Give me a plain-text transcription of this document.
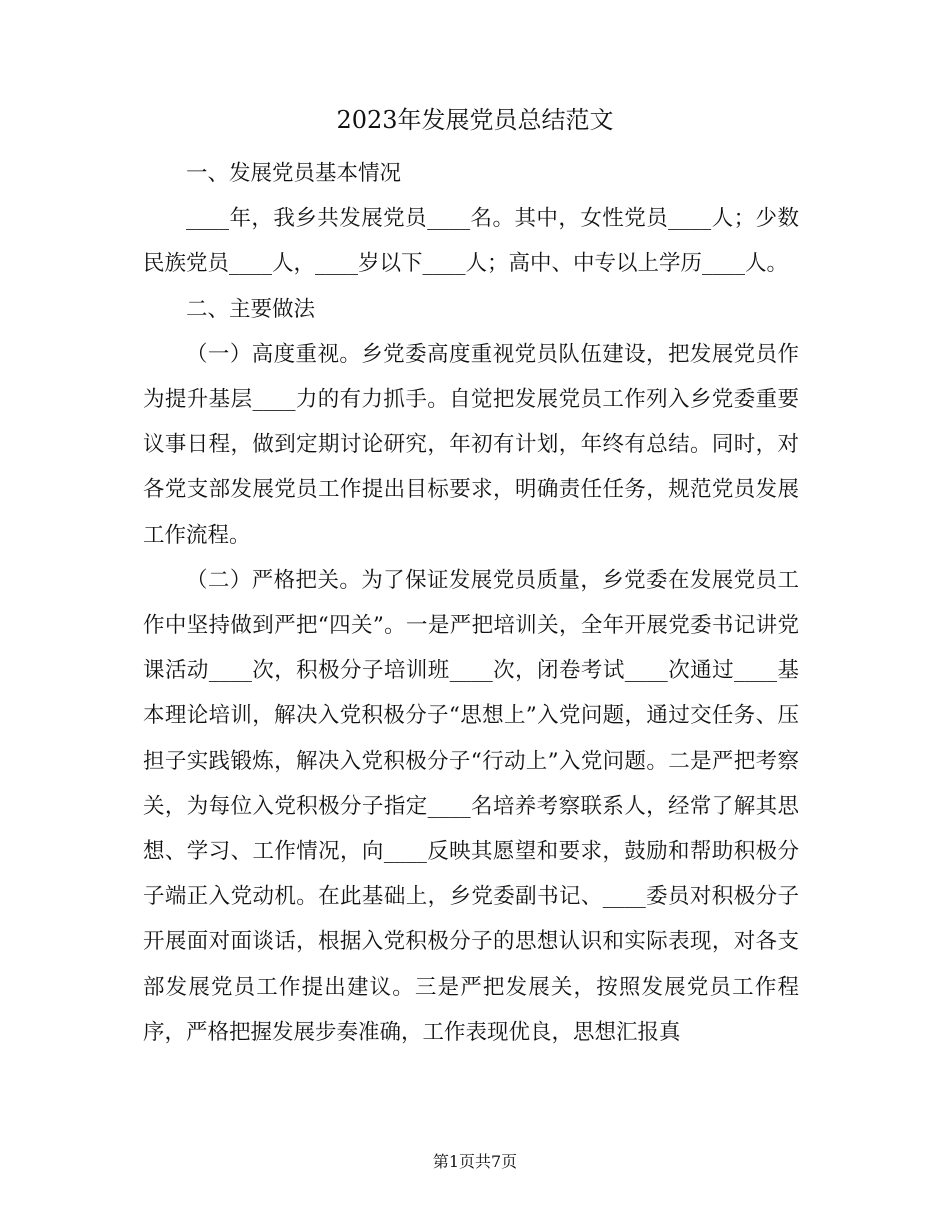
2023年发展党员总结范文

一、发展党员基本情况

____年，我乡共发展党员____名。其中，女性党员____人；少数民族党员____人，____岁以下____人；高中、中专以上学历____人。

二、主要做法

（一）高度重视。乡党委高度重视党员队伍建设，把发展党员作为提升基层____力的有力抓手。自觉把发展党员工作列入乡党委重要议事日程，做到定期讨论研究，年初有计划，年终有总结。同时，对各党支部发展党员工作提出目标要求，明确责任任务，规范党员发展工作流程。

（二）严格把关。为了保证发展党员质量，乡党委在发展党员工作中坚持做到严把“四关”。一是严把培训关，全年开展党委书记讲党课活动____次，积极分子培训班____次，闭卷考试____次通过____基本理论培训，解决入党积极分子“思想上”入党问题，通过交任务、压担子实践锻炼，解决入党积极分子“行动上”入党问题。二是严把考察关，为每位入党积极分子指定____名培养考察联系人，经常了解其思想、学习、工作情况，向____反映其愿望和要求，鼓励和帮助积极分子端正入党动机。在此基础上，乡党委副书记、____委员对积极分子开展面对面谈话，根据入党积极分子的思想认识和实际表现，对各支部发展党员工作提出建议。三是严把发展关，按照发展党员工作程序，严格把握发展步奏准确，工作表现优良，思想汇报真

第1页共7页
